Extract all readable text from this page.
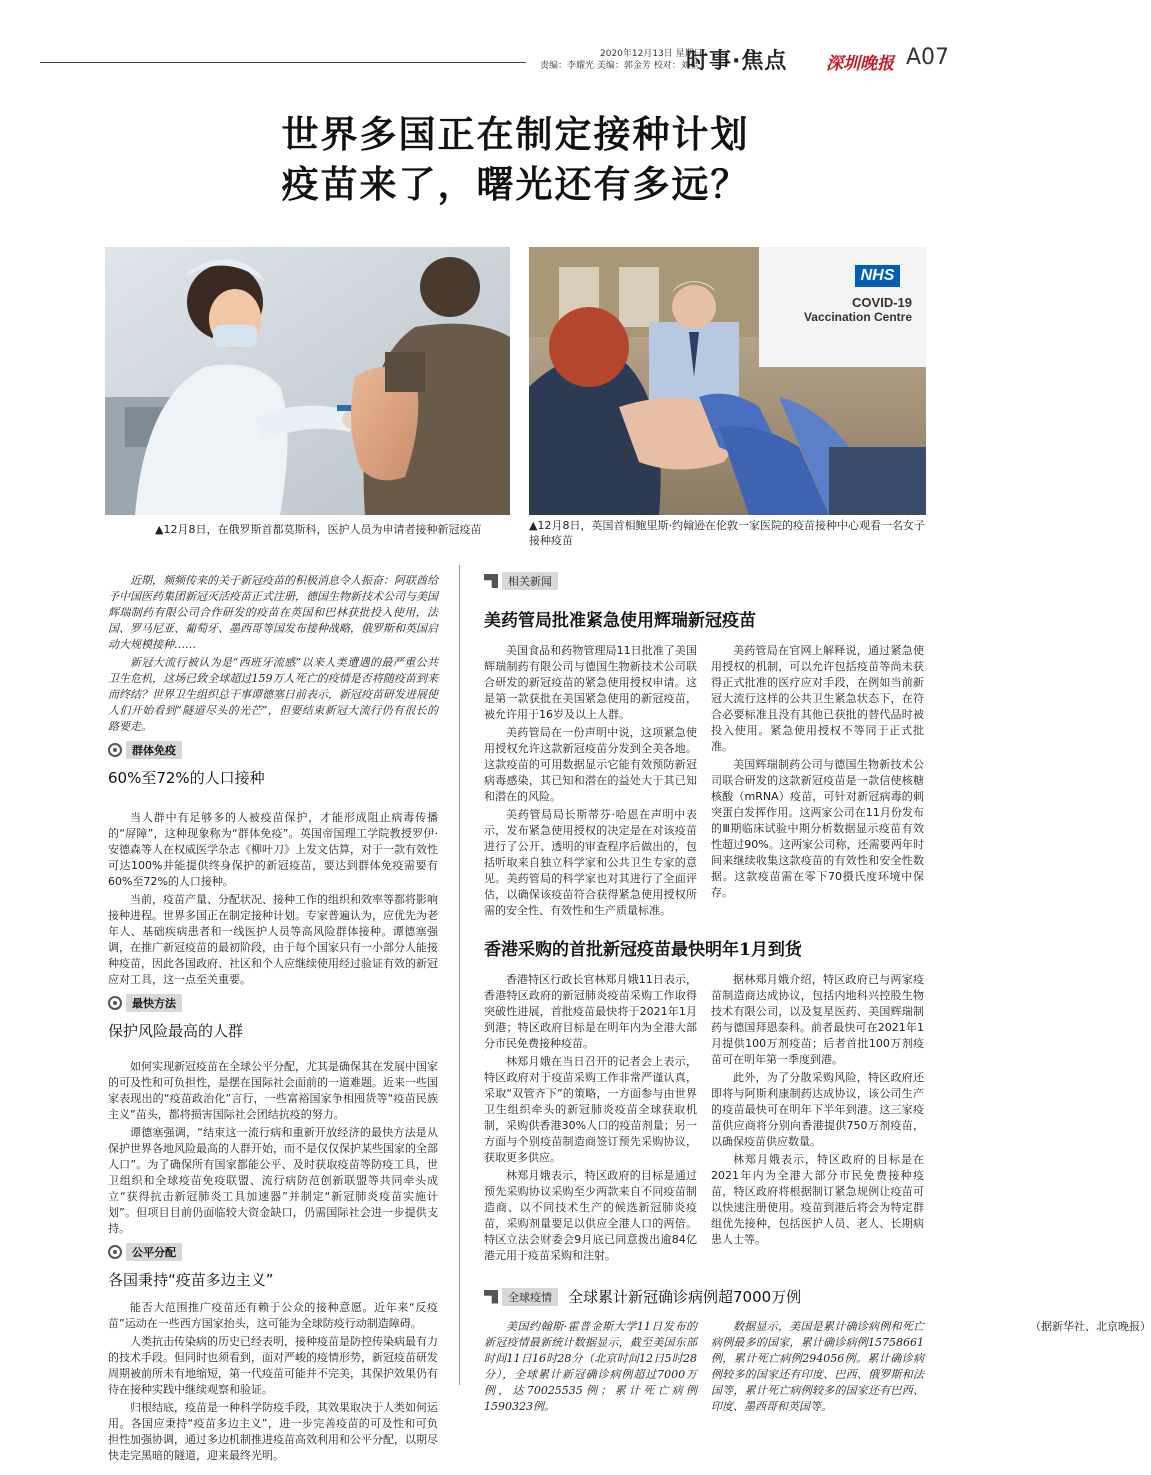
2020年12月13日 星期日
责编：李耀光 美编：郭金芳 校对：刘星
时事·焦点 深圳晚报 A07
世界多国正在制定接种计划
疫苗来了，曙光还有多远？
▲12月8日，在俄罗斯首都莫斯科，医护人员为申请者接种新冠疫苗
NHS
COVID-19
Vaccination Centre
▲12月8日，英国首相鲍里斯·约翰逊在伦敦一家医院的疫苗接种中心观看一名女子接种疫苗

近期，频频传来的关于新冠疫苗的积极消息令人振奋：阿联酋给予中国医药集团新冠灭活疫苗正式注册，德国生物新技术公司与美国辉瑞制药有限公司合作研发的疫苗在英国和巴林获批投入使用，法国、罗马尼亚、葡萄牙、墨西哥等国发布接种战略，俄罗斯和英国启动大规模接种……

新冠大流行被认为是“西班牙流感”以来人类遭遇的最严重公共卫生危机，这场已致全球超过159万人死亡的疫情是否将随疫苗到来而终结？世界卫生组织总干事谭德塞日前表示，新冠疫苗研发进展使人们开始看到“隧道尽头的光芒”，但要结束新冠大流行仍有很长的路要走。

群体免疫
60%至72%的人口接种

当人群中有足够多的人被疫苗保护，才能形成阻止病毒传播的“屏障”，这种现象称为“群体免疫”。英国帝国理工学院教授罗伊·安德森等人在权威医学杂志《柳叶刀》上发文估算，对于一款有效性可达100%并能提供终身保护的新冠疫苗，要达到群体免疫需要有60%至72%的人口接种。

当前，疫苗产量、分配状况、接种工作的组织和效率等都将影响接种进程。世界多国正在制定接种计划。专家普遍认为，应优先为老年人、基础疾病患者和一线医护人员等高风险群体接种。谭德塞强调，在推广新冠疫苗的最初阶段，由于每个国家只有一小部分人能接种疫苗，因此各国政府、社区和个人应继续使用经过验证有效的新冠应对工具，这一点至关重要。

最快方法
保护风险最高的人群

如何实现新冠疫苗在全球公平分配，尤其是确保其在发展中国家的可及性和可负担性，是摆在国际社会面前的一道难题。近来一些国家表现出的“疫苗政治化”言行，一些富裕国家争相囤货等“疫苗民族主义”苗头，都将损害国际社会团结抗疫的努力。

谭德塞强调，“结束这一流行病和重新开放经济的最快方法是从保护世界各地风险最高的人群开始，而不是仅仅保护某些国家的全部人口”。为了确保所有国家都能公平、及时获取疫苗等防疫工具，世卫组织和全球疫苗免疫联盟、流行病防范创新联盟等共同牵头成立“获得抗击新冠肺炎工具加速器”并制定“新冠肺炎疫苗实施计划”。但项目目前仍面临较大资金缺口，仍需国际社会进一步提供支持。

公平分配
各国秉持“疫苗多边主义”

能否大范围推广疫苗还有赖于公众的接种意愿。近年来“反疫苗”运动在一些西方国家抬头，这可能为全球防疫行动制造障碍。

人类抗击传染病的历史已经表明，接种疫苗是防控传染病最有力的技术手段。但同时也须看到，面对严峻的疫情形势，新冠疫苗研发周期被前所未有地缩短，第一代疫苗可能并不完美，其保护效果仍有待在接种实践中继续观察和验证。

归根结底，疫苗是一种科学防疫手段，其效果取决于人类如何运用。各国应秉持“疫苗多边主义”，进一步完善疫苗的可及性和可负担性加强协调，通过多边机制推进疫苗高效利用和公平分配，以期尽快走完黑暗的隧道，迎来最终光明。

相关新闻
美药管局批准紧急使用辉瑞新冠疫苗

美国食品和药物管理局11日批准了美国辉瑞制药有限公司与德国生物新技术公司联合研发的新冠疫苗的紧急使用授权申请。这是第一款获批在美国紧急使用的新冠疫苗，被允许用于16岁及以上人群。

美药管局在一份声明中说，这项紧急使用授权允许这款新冠疫苗分发到全美各地。这款疫苗的可用数据显示它能有效预防新冠病毒感染，其已知和潜在的益处大于其已知和潜在的风险。

美药管局局长斯蒂芬·哈恩在声明中表示，发布紧急使用授权的决定是在对该疫苗进行了公开、透明的审查程序后做出的，包括听取来自独立科学家和公共卫生专家的意见。美药管局的科学家也对其进行了全面评估，以确保该疫苗符合获得紧急使用授权所需的安全性、有效性和生产质量标准。

美药管局在官网上解释说，通过紧急使用授权的机制，可以允许包括疫苗等尚未获得正式批准的医疗应对手段，在例如当前新冠大流行这样的公共卫生紧急状态下，在符合必要标准且没有其他已获批的替代品时被投入使用。紧急使用授权不等同于正式批准。

美国辉瑞制药公司与德国生物新技术公司联合研发的这款新冠疫苗是一款信使核糖核酸（mRNA）疫苗，可针对新冠病毒的刺突蛋白发挥作用。这两家公司在11月份发布的Ⅲ期临床试验中期分析数据显示疫苗有效性超过90%。这两家公司称，还需要两年时间来继续收集这款疫苗的有效性和安全性数据。这款疫苗需在零下70摄氏度环境中保存。

香港采购的首批新冠疫苗最快明年1月到货

香港特区行政长官林郑月娥11日表示，香港特区政府的新冠肺炎疫苗采购工作取得突破性进展，首批疫苗最快将于2021年1月到港；特区政府目标是在明年内为全港大部分市民免费接种疫苗。

林郑月娥在当日召开的记者会上表示，特区政府对于疫苗采购工作非常严谨认真，采取“双管齐下”的策略，一方面参与由世界卫生组织牵头的新冠肺炎疫苗全球获取机制，采购供香港30%人口的疫苗剂量；另一方面与个别疫苗制造商签订预先采购协议，获取更多供应。

林郑月娥表示，特区政府的目标是通过预先采购协议采购至少两款来自不同疫苗制造商、以不同技术生产的候选新冠肺炎疫苗，采购剂量要足以供应全港人口的两倍。特区立法会财委会9月底已同意拨出逾84亿港元用于疫苗采购和注射。

据林郑月娥介绍，特区政府已与两家疫苗制造商达成协议，包括内地科兴控股生物技术有限公司，以及复星医药、美国辉瑞制药与德国拜恩泰科。前者最快可在2021年1月提供100万剂疫苗；后者首批100万剂疫苗可在明年第一季度到港。

此外，为了分散采购风险，特区政府还即将与阿斯利康制药达成协议，该公司生产的疫苗最快可在明年下半年到港。这三家疫苗供应商将分别向香港提供750万剂疫苗，以确保疫苗供应数量。

林郑月娥表示，特区政府的目标是在2021年内为全港大部分市民免费接种疫苗，特区政府将根据制订紧急规例让疫苗可以快速注册使用。疫苗到港后将会为特定群组优先接种，包括医护人员、老人、长期病患人士等。

全球疫情	全球累计新冠确诊病例超7000万例

美国约翰斯·霍普金斯大学11日发布的新冠疫情最新统计数据显示，截至美国东部时间11日16时28分（北京时间12日5时28分），全球累计新冠确诊病例超过7000万例，达70025535例；累计死亡病例1590323例。

数据显示，美国是累计确诊病例和死亡病例最多的国家，累计确诊病例15758661例，累计死亡病例294056例。累计确诊病例较多的国家还有印度、巴西、俄罗斯和法国等，累计死亡病例较多的国家还有巴西、印度、墨西哥和英国等。

（据新华社、北京晚报）
